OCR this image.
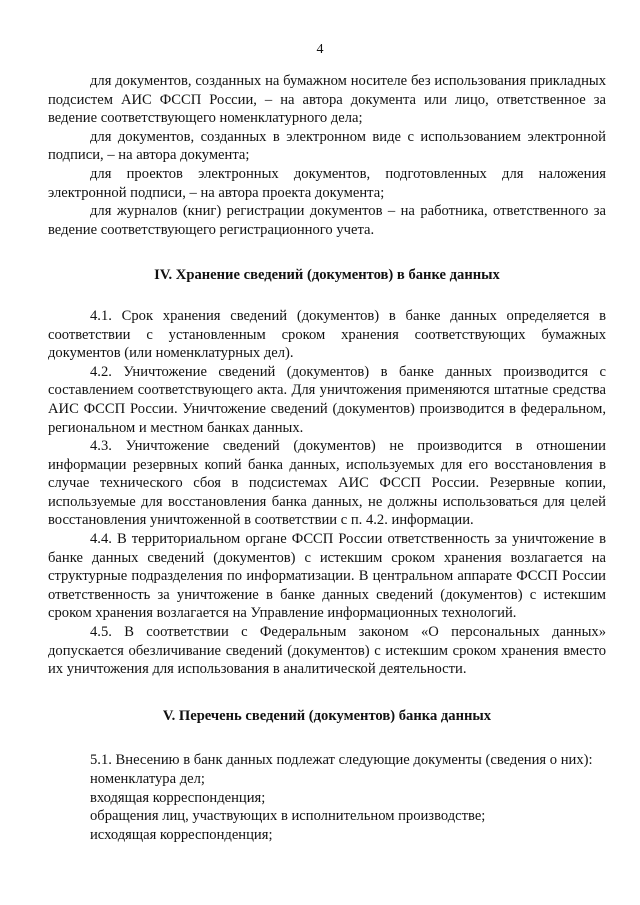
4

для документов, созданных на бумажном носителе без использования прикладных подсистем АИС ФССП России, – на автора документа или лицо, ответственное за ведение соответствующего номенклатурного дела;

для документов, созданных в электронном виде с использованием электронной подписи, – на автора документа;

для проектов электронных документов, подготовленных для наложения электронной подписи, – на автора проекта документа;

для журналов (книг) регистрации документов – на работника, ответственного за ведение соответствующего регистрационного учета.

IV. Хранение сведений (документов) в банке данных

4.1. Срок хранения сведений (документов) в банке данных определяется в соответствии с установленным сроком хранения соответствующих бумажных документов (или номенклатурных дел).

4.2. Уничтожение сведений (документов) в банке данных производится с составлением соответствующего акта. Для уничтожения применяются штатные средства АИС ФССП России. Уничтожение сведений (документов) производится в федеральном, региональном и местном банках данных.

4.3. Уничтожение сведений (документов) не производится в отношении информации резервных копий банка данных, используемых для его восстановления в случае технического сбоя в подсистемах АИС ФССП России. Резервные копии, используемые для восстановления банка данных, не должны использоваться для целей восстановления уничтоженной в соответствии с п. 4.2. информации.

4.4. В территориальном органе ФССП России ответственность за уничтожение в банке данных сведений (документов) с истекшим сроком хранения возлагается на структурные подразделения по информатизации. В центральном аппарате ФССП России ответственность за уничтожение в банке данных сведений (документов) с истекшим сроком хранения возлагается на Управление информационных технологий.

4.5. В соответствии с Федеральным законом «О персональных данных» допускается обезличивание сведений (документов) с истекшим сроком хранения вместо их уничтожения для использования в аналитической деятельности.

V. Перечень сведений (документов) банка данных

5.1. Внесению в банк данных подлежат следующие документы (сведения о них):

номенклатура дел;

входящая корреспонденция;

обращения лиц, участвующих в исполнительном производстве;

исходящая корреспонденция;
